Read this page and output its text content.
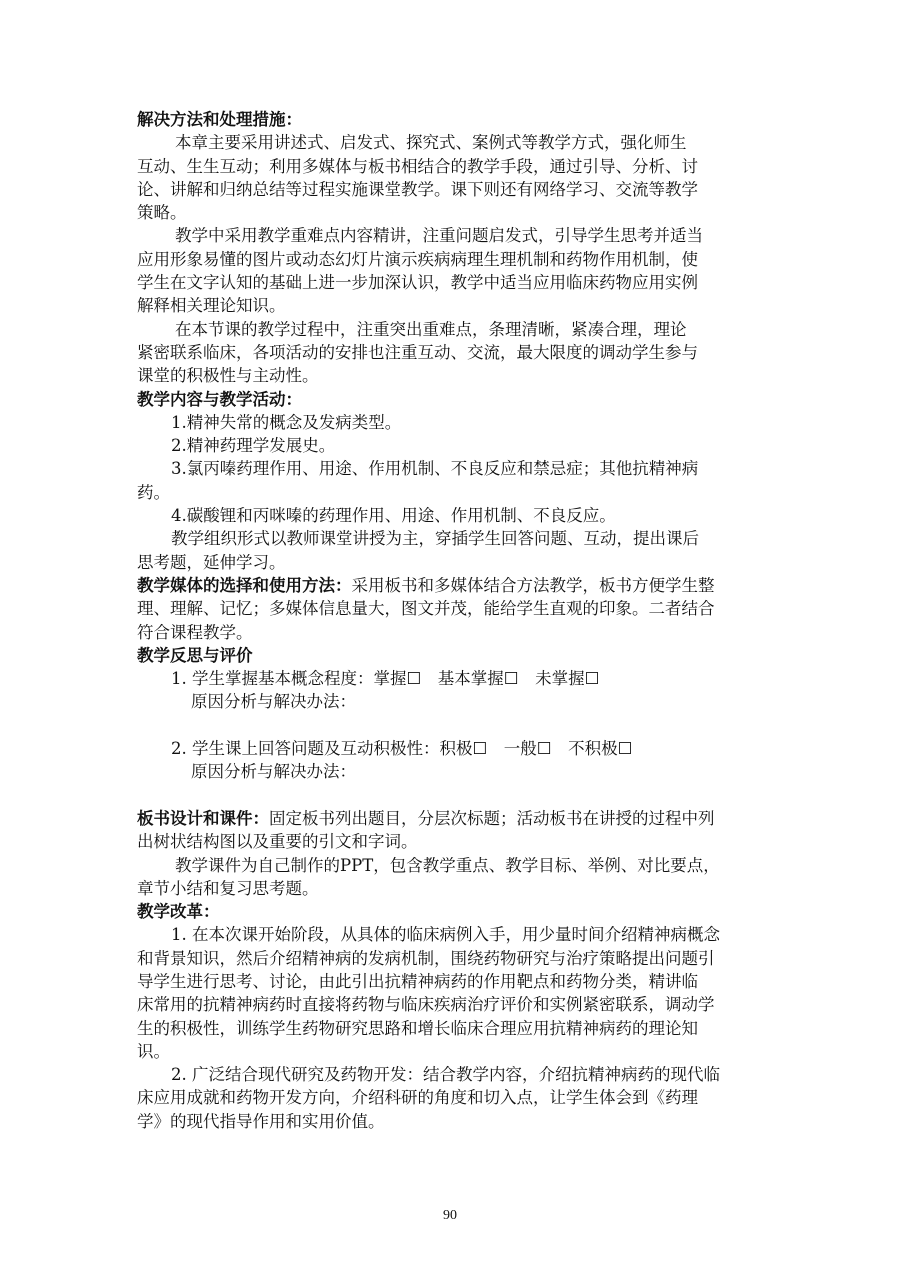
解决方法和处理措施：
本章主要采用讲述式、启发式、探究式、案例式等教学方式，强化师生
互动、生生互动；利用多媒体与板书相结合的教学手段，通过引导、分析、讨
论、讲解和归纳总结等过程实施课堂教学。课下则还有网络学习、交流等教学
策略。
教学中采用教学重难点内容精讲，注重问题启发式，引导学生思考并适当
应用形象易懂的图片或动态幻灯片演示疾病病理生理机制和药物作用机制，使
学生在文字认知的基础上进一步加深认识，教学中适当应用临床药物应用实例
解释相关理论知识。
在本节课的教学过程中，注重突出重难点，条理清晰，紧凑合理，理论
紧密联系临床，各项活动的安排也注重互动、交流，最大限度的调动学生参与
课堂的积极性与主动性。
教学内容与教学活动：
1.精神失常的概念及发病类型。
2.精神药理学发展史。
3.氯丙嗪药理作用、用途、作用机制、不良反应和禁忌症；其他抗精神病
药。
4.碳酸锂和丙咪嗪的药理作用、用途、作用机制、不良反应。
教学组织形式以教师课堂讲授为主，穿插学生回答问题、互动，提出课后
思考题，延伸学习。
教学媒体的选择和使用方法：采用板书和多媒体结合方法教学，板书方便学生整
理、理解、记忆；多媒体信息量大，图文并茂，能给学生直观的印象。二者结合
符合课程教学。
教学反思与评价
1. 学生掌握基本概念程度：掌握☐　基本掌握☐　未掌握☐
原因分析与解决办法：
2. 学生课上回答问题及互动积极性：积极☐　一般☐　不积极☐
原因分析与解决办法：
板书设计和课件：固定板书列出题目，分层次标题；活动板书在讲授的过程中列
出树状结构图以及重要的引文和字词。
教学课件为自己制作的PPT，包含教学重点、教学目标、举例、对比要点，
章节小结和复习思考题。
教学改革：
1. 在本次课开始阶段，从具体的临床病例入手，用少量时间介绍精神病概念
和背景知识，然后介绍精神病的发病机制，围绕药物研究与治疗策略提出问题引
导学生进行思考、讨论，由此引出抗精神病药的作用靶点和药物分类，精讲临
床常用的抗精神病药时直接将药物与临床疾病治疗评价和实例紧密联系，调动学
生的积极性，训练学生药物研究思路和增长临床合理应用抗精神病药的理论知
识。
2. 广泛结合现代研究及药物开发：结合教学内容，介绍抗精神病药的现代临
床应用成就和药物开发方向，介绍科研的角度和切入点，让学生体会到《药理
学》的现代指导作用和实用价值。
90
